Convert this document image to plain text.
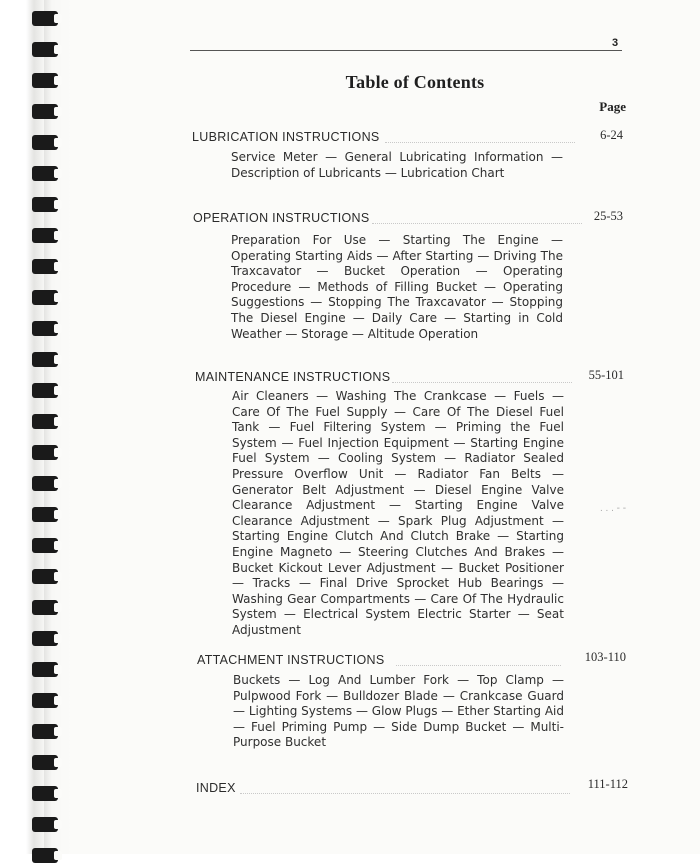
3
Table of Contents
Page
LUBRICATION INSTRUCTIONS	6-24
Service Meter — General Lubricating Information — Description of Lubricants — Lubrication Chart
OPERATION INSTRUCTIONS	25-53
Preparation For Use — Starting The Engine — Operating Starting Aids — After Starting — Driving The Traxcavator — Bucket Operation — Operating Procedure — Methods of Filling Bucket — Operating Suggestions — Stopping The Traxcavator — Stopping The Diesel Engine — Daily Care — Starting in Cold Weather — Storage — Altitude Operation
MAINTENANCE INSTRUCTIONS	55-101
Air Cleaners — Washing The Crankcase — Fuels — Care Of The Fuel Supply — Care Of The Diesel Fuel Tank — Fuel Filtering System — Priming the Fuel System — Fuel Injection Equipment — Starting Engine Fuel System — Cooling System — Radiator Sealed Pressure Overflow Unit — Radiator Fan Belts — Generator Belt Adjustment — Diesel Engine Valve Clearance Adjustment — Starting Engine Valve Clearance Adjustment — Spark Plug Adjustment — Starting Engine Clutch And Clutch Brake — Starting Engine Magneto — Steering Clutches And Brakes — Bucket Kickout Lever Adjustment — Bucket Positioner — Tracks — Final Drive Sprocket Hub Bearings — Washing Gear Compartments — Care Of The Hydraulic System — Electrical System Electric Starter — Seat Adjustment
. . . - -
ATTACHMENT INSTRUCTIONS	103-110
Buckets — Log And Lumber Fork — Top Clamp — Pulpwood Fork — Bulldozer Blade — Crankcase Guard — Lighting Systems — Glow Plugs — Ether Starting Aid — Fuel Priming Pump — Side Dump Bucket — Multi-Purpose Bucket
INDEX	111-112
